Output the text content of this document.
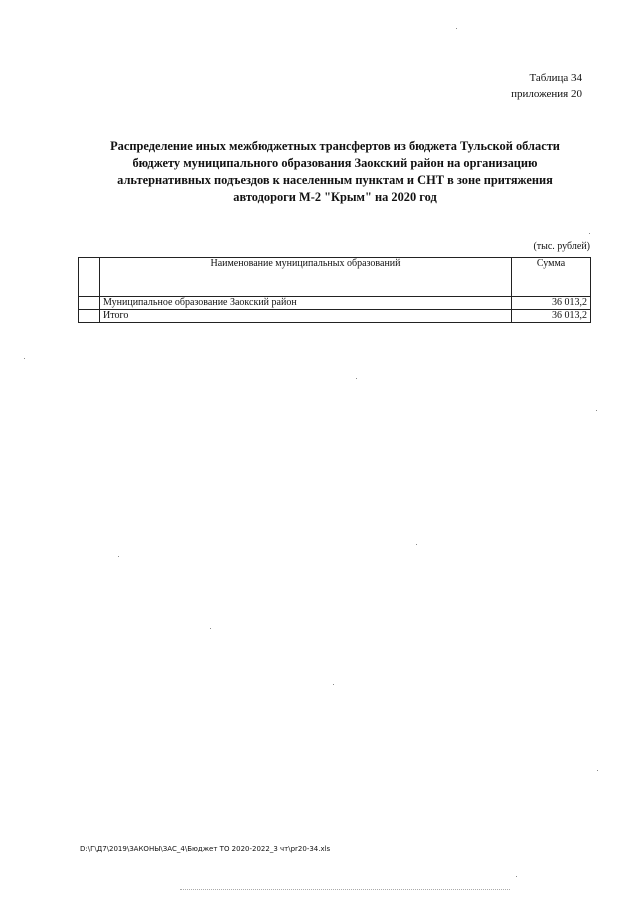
Таблица 34
приложения 20
Распределение иных межбюджетных трансфертов из бюджета Тульской области
бюджету муниципального образования Заокский район на организацию
альтернативных подъездов к населенным пунктам и СНТ в зоне притяжения
автодороги М-2 "Крым" на 2020 год
(тыс. рублей)
	Наименование муниципальных образований	Сумма
	Муниципальное образование Заокский район	36 013,2
	Итого	36 013,2
D:\Г\Д7\2019\ЗАКОНЫ\ЗАС_4\Бюджет ТО 2020-2022_3 чт\pr20-34.xls
